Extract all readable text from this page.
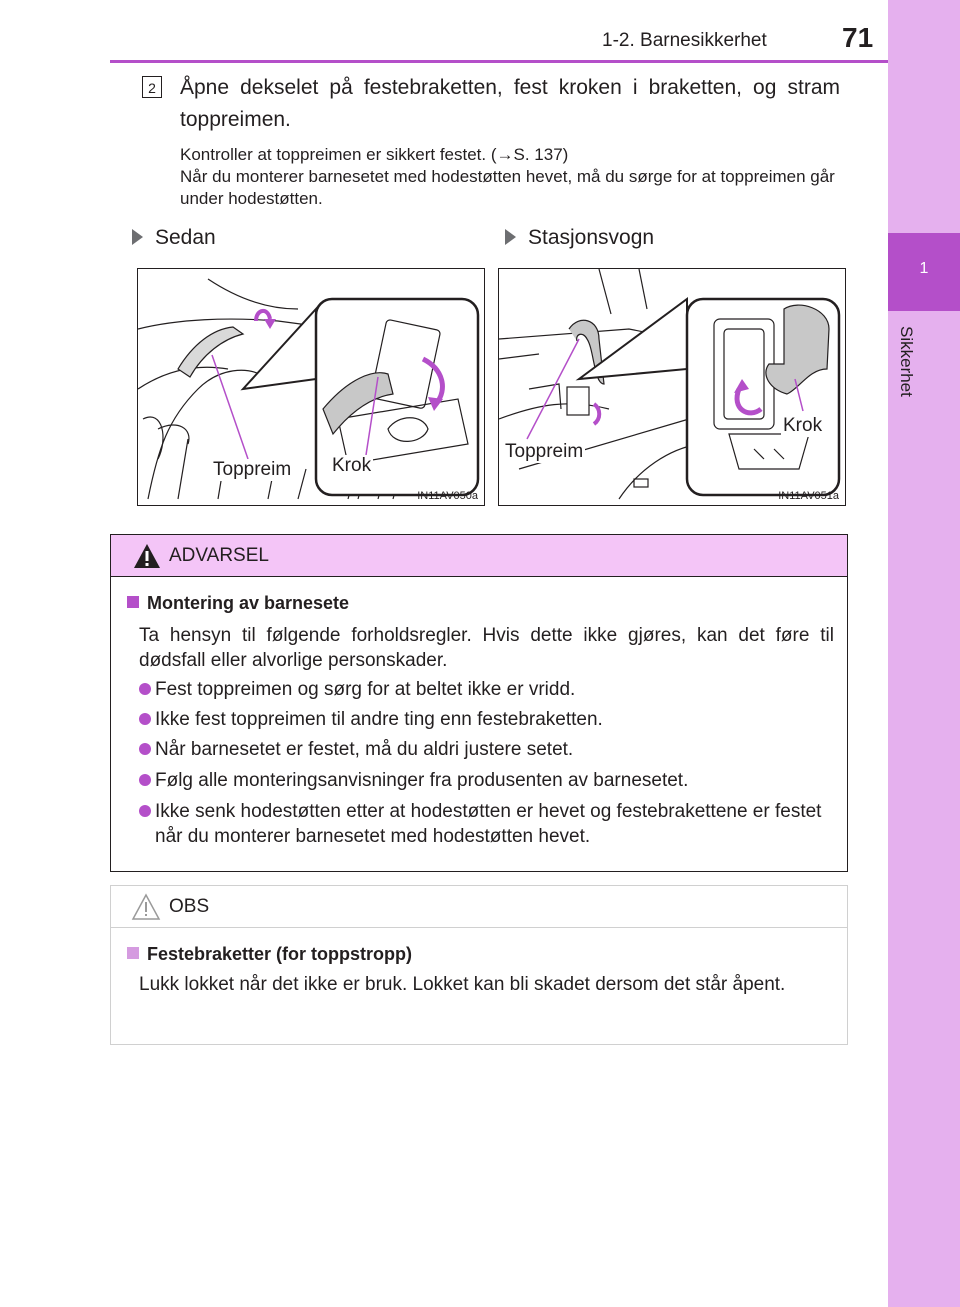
1-2. Barnesikkerhet	71
1
Sikkerhet
2 Åpne dekselet på festebraketten, fest kroken i braketten, og stram toppreimen.
Kontroller at toppreimen er sikkert festet. (→S. 137)
Når du monterer barnesetet med hodestøtten hevet, må du sørge for at toppreimen går under hodestøtten.
Sedan	Stasjonsvogn
Toppreim Krok
IN11AV050a
Toppreim
Krok
IN11AV051a
ADVARSEL
Montering av barnesete
Ta hensyn til følgende forholdsregler. Hvis dette ikke gjøres, kan det føre til dødsfall eller alvorlige personskader.
Fest toppreimen og sørg for at beltet ikke er vridd.
Ikke fest toppreimen til andre ting enn festebraketten.
Når barnesetet er festet, må du aldri justere setet.
Følg alle monteringsanvisninger fra produsenten av barnesetet.
Ikke senk hodestøtten etter at hodestøtten er hevet og festebrakettene er festet når du monterer barnesetet med hodestøtten hevet.
OBS
Festebraketter (for toppstropp)
Lukk lokket når det ikke er bruk. Lokket kan bli skadet dersom det står åpent.
